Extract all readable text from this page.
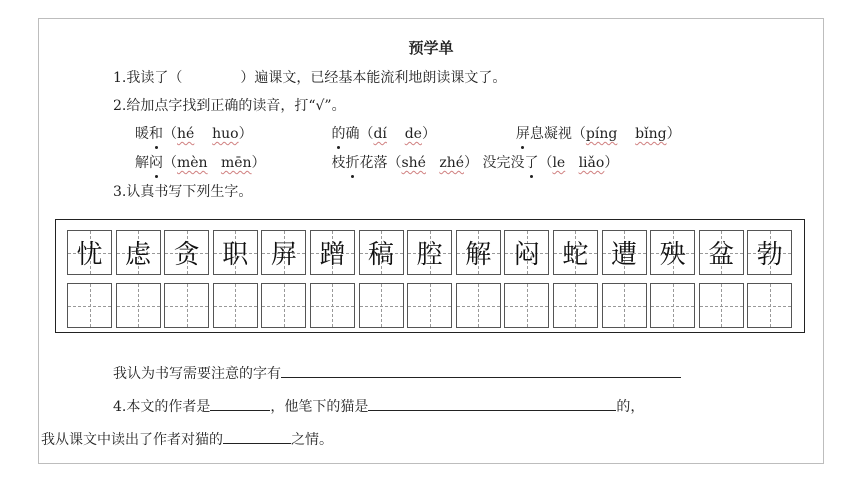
预学单
1.我读了（	）遍课文，已经基本能流利地朗读课文了。
2.给加点字找到正确的读音，打“√”。
暖和（hé huo）	的确（dí de）	屏息凝视（píng bǐng）
解闷（mèn mēn）	枝折花落（shé zhé） 没完没了（le liǎo）
3.认真书写下列生字。
忧 虑 贪 职 屏 蹭 稿 腔 解 闷 蛇 遭 殃 盆 勃
我认为书写需要注意的字有
4.本文的作者是	，他笔下的猫是	的，
我从课文中读出了作者对猫的	之情。
